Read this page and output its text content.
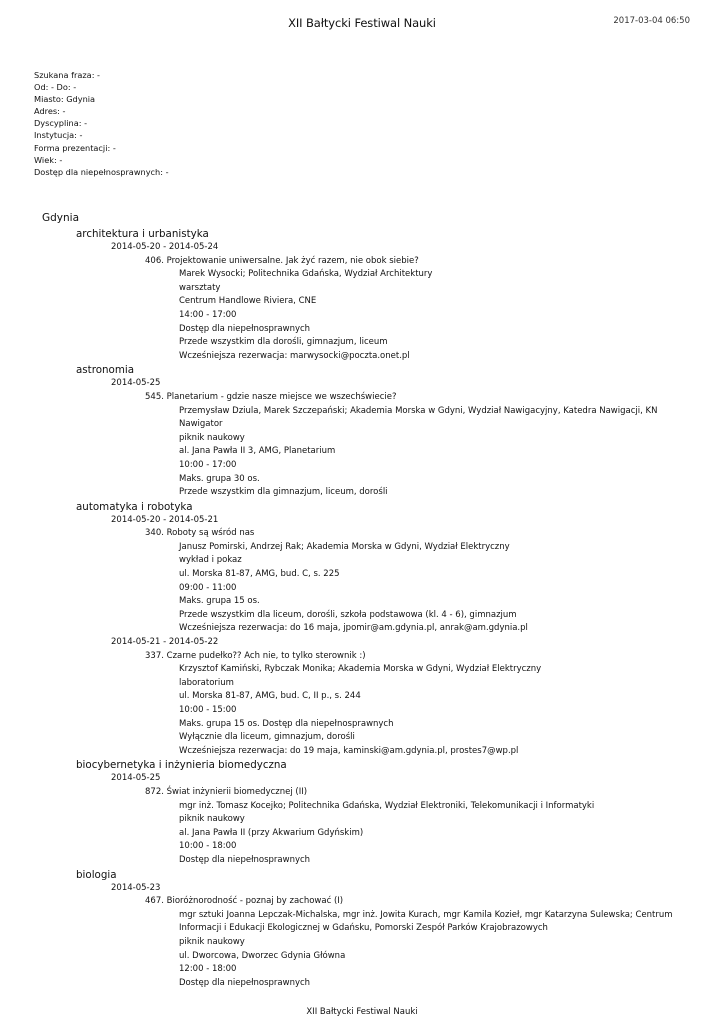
XII Bałtycki Festiwal Nauki	2017-03-04 06:50
Szukana fraza: -
Od: - Do: -
Miasto: Gdynia
Adres: -
Dyscyplina: -
Instytucja: -
Forma prezentacji: -
Wiek: -
Dostęp dla niepełnosprawnych: -
Gdynia
architektura i urbanistyka
2014-05-20 - 2014-05-24
406. Projektowanie uniwersalne. Jak żyć razem, nie obok siebie?
Marek Wysocki; Politechnika Gdańska, Wydział Architektury
warsztaty
Centrum Handlowe Riviera, CNE
14:00 - 17:00
Dostęp dla niepełnosprawnych
Przede wszystkim dla dorośli, gimnazjum, liceum
Wcześniejsza rezerwacja: marwysocki@poczta.onet.pl
astronomia
2014-05-25
545. Planetarium - gdzie nasze miejsce we wszechświecie?
Przemysław Dziula, Marek Szczepański; Akademia Morska w Gdyni, Wydział Nawigacyjny, Katedra Nawigacji, KN Nawigator
piknik naukowy
al. Jana Pawła II 3, AMG, Planetarium
10:00 - 17:00
Maks. grupa 30 os.
Przede wszystkim dla gimnazjum, liceum, dorośli
automatyka i robotyka
2014-05-20 - 2014-05-21
340. Roboty są wśród nas
Janusz Pomirski, Andrzej Rak; Akademia Morska w Gdyni, Wydział Elektryczny
wykład i pokaz
ul. Morska 81-87, AMG, bud. C, s. 225
09:00 - 11:00
Maks. grupa 15 os.
Przede wszystkim dla liceum, dorośli, szkoła podstawowa (kl. 4 - 6), gimnazjum
Wcześniejsza rezerwacja: do 16 maja, jpomir@am.gdynia.pl, anrak@am.gdynia.pl
2014-05-21 - 2014-05-22
337. Czarne pudełko?? Ach nie, to tylko sterownik :)
Krzysztof Kamiński, Rybczak Monika; Akademia Morska w Gdyni, Wydział Elektryczny
laboratorium
ul. Morska 81-87, AMG, bud. C, II p., s. 244
10:00 - 15:00
Maks. grupa 15 os. Dostęp dla niepełnosprawnych
Wyłącznie dla liceum, gimnazjum, dorośli
Wcześniejsza rezerwacja: do 19 maja, kaminski@am.gdynia.pl, prostes7@wp.pl
biocybernetyka i inżynieria biomedyczna
2014-05-25
872. Świat inżynierii biomedycznej (II)
mgr inż. Tomasz Kocejko; Politechnika Gdańska, Wydział Elektroniki, Telekomunikacji i Informatyki
piknik naukowy
al. Jana Pawła II (przy Akwarium Gdyńskim)
10:00 - 18:00
Dostęp dla niepełnosprawnych
biologia
2014-05-23
467. Bioróżnorodność - poznaj by zachować (I)
mgr sztuki Joanna Lepczak-Michalska, mgr inż. Jowita Kurach, mgr Kamila Kozieł, mgr Katarzyna Sulewska; Centrum Informacji i Edukacji Ekologicznej w Gdańsku, Pomorski Zespół Parków Krajobrazowych
piknik naukowy
ul. Dworcowa, Dworzec Gdynia Główna
12:00 - 18:00
Dostęp dla niepełnosprawnych
XII Bałtycki Festiwal Nauki
